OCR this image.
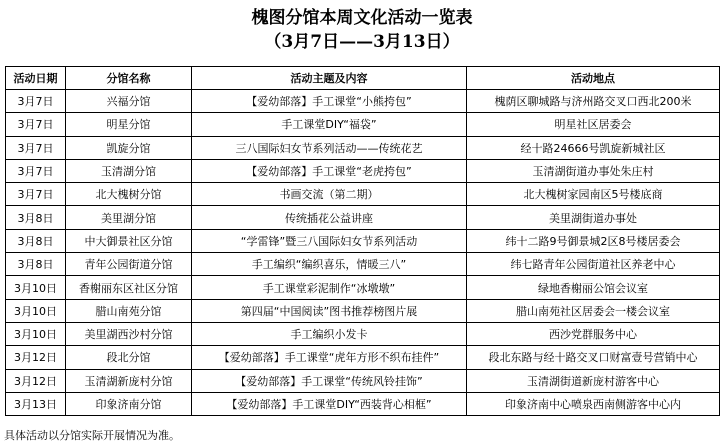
槐图分馆本周文化活动一览表
（3月7日——3月13日）
活动日期	分馆名称	活动主题及内容	活动地点
3月7日	兴福分馆	【爱幼部落】手工课堂“小熊挎包”	槐荫区聊城路与济州路交叉口西北200米
3月7日	明星分馆	手工课堂DIY“福袋”	明星社区居委会
3月7日	凯旋分馆	三八国际妇女节系列活动——传统花艺	经十路24666号凯旋新城社区
3月7日	玉清湖分馆	【爱幼部落】手工课堂“老虎挎包”	玉清湖街道办事处朱庄村
3月7日	北大槐树分馆	书画交流（第二期）	北大槐树家园南区5号楼底商
3月8日	美里湖分馆	传统插花公益讲座	美里湖街道办事处
3月8日	中大御景社区分馆	“学雷锋”暨三八国际妇女节系列活动	纬十二路9号御景城2区8号楼居委会
3月8日	青年公园街道分馆	手工编织“编织喜乐，情暖三八”	纬七路青年公园街道社区养老中心
3月10日	香榭丽东区社区分馆	手工课堂彩泥制作“冰墩墩”	绿地香榭丽公馆会议室
3月10日	腊山南苑分馆	第四届“中国阅读”图书推荐榜图片展	腊山南苑社区居委会一楼会议室
3月10日	美里湖西沙村分馆	手工编织小发卡	西沙党群服务中心
3月12日	段北分馆	【爱幼部落】手工课堂“虎年方形不织布挂件”	段北东路与经十路交叉口财富壹号营销中心
3月12日	玉清湖新庞村分馆	【爱幼部落】手工课堂“传统风铃挂饰”	玉清湖街道新庞村游客中心
3月13日	印象济南分馆	【爱幼部落】手工课堂DIY“西装背心相框”	印象济南中心喷泉西南侧游客中心内
具体活动以分馆实际开展情况为准。
